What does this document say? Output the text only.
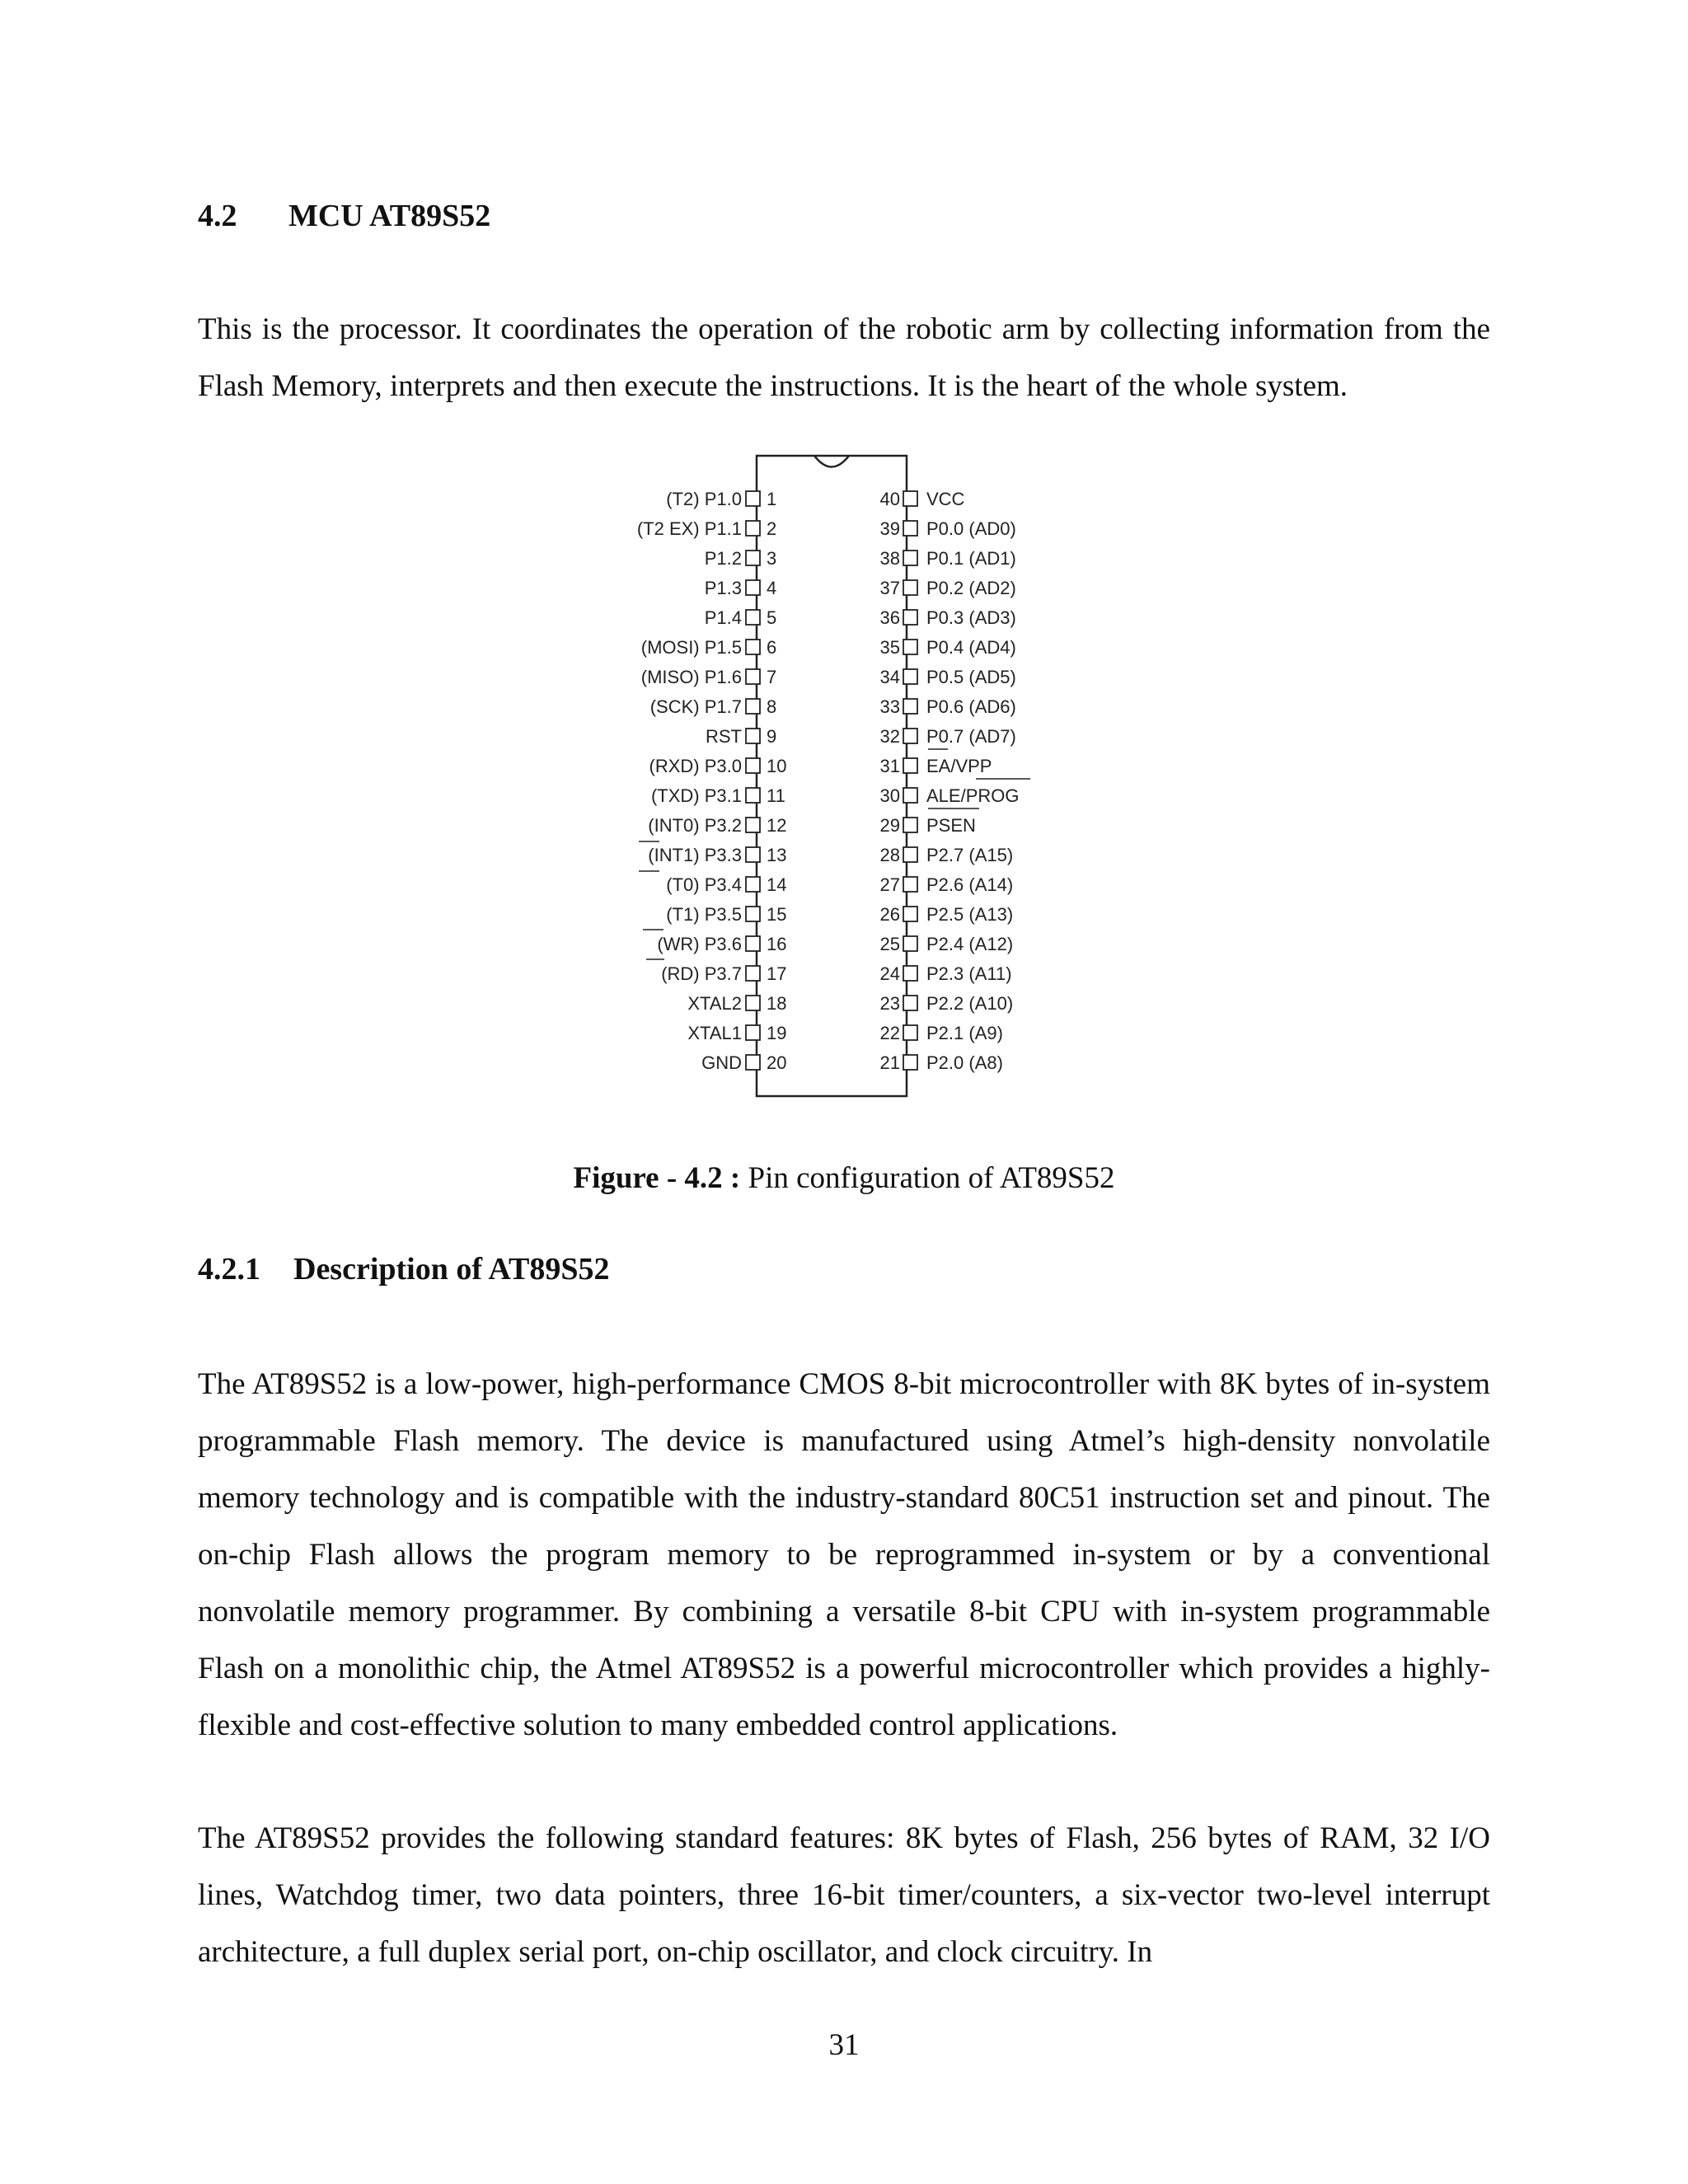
4.2	MCU AT89S52

This is the processor. It coordinates the operation of the robotic arm by collecting information from the Flash Memory, interprets and then execute the instructions. It is the heart of the whole system.

(T2) P1.0 1
(T2 EX) P1.1 2
P1.2 3
P1.3 4
P1.4 5
(MOSI) P1.5 6
(MISO) P1.6 7
(SCK) P1.7 8
RST 9
(RXD) P3.0 10
(TXD) P3.1 11
(INT0) P3.2 12
(INT1) P3.3 13
(T0) P3.4 14
(T1) P3.5 15
(WR) P3.6 16
(RD) P3.7 17
XTAL2 18
XTAL1 19
GND 20
40 VCC
39 P0.0 (AD0)
38 P0.1 (AD1)
37 P0.2 (AD2)
36 P0.3 (AD3)
35 P0.4 (AD4)
34 P0.5 (AD5)
33 P0.6 (AD6)
32 P0.7 (AD7)
31 EA/VPP
30 ALE/PROG
29 PSEN
28 P2.7 (A15)
27 P2.6 (A14)
26 P2.5 (A13)
25 P2.4 (A12)
24 P2.3 (A11)
23 P2.2 (A10)
22 P2.1 (A9)
21 P2.0 (A8)

Figure - 4.2 : Pin configuration of AT89S52

4.2.1	Description of AT89S52

The AT89S52 is a low-power, high-performance CMOS 8-bit microcontroller with 8K bytes of in-system programmable Flash memory. The device is manufactured using Atmel’s high-density nonvolatile memory technology and is compatible with the industry-standard 80C51 instruction set and pinout. The on-chip Flash allows the program memory to be reprogrammed in-system or by a conventional nonvolatile memory programmer. By combining a versatile 8-bit CPU with in-system programmable Flash on a monolithic chip, the Atmel AT89S52 is a powerful microcontroller which provides a highly-flexible and cost-effective solution to many embedded control applications.

The AT89S52 provides the following standard features: 8K bytes of Flash, 256 bytes of RAM, 32 I/O lines, Watchdog timer, two data pointers, three 16-bit timer/counters, a six-vector two-level interrupt architecture, a full duplex serial port, on-chip oscillator, and clock circuitry. In

31
